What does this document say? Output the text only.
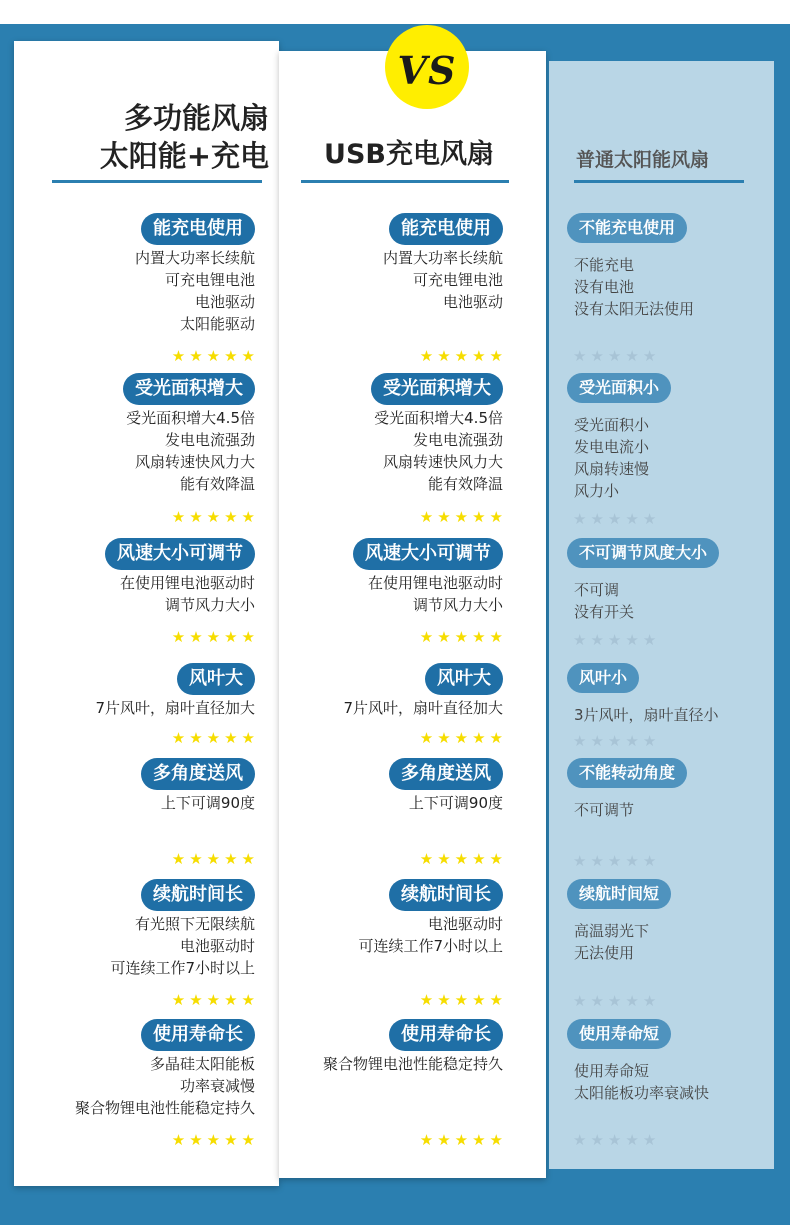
多功能风扇
太阳能+充电
能充电使用
内置大功率长续航
可充电锂电池
电池驱动
太阳能驱动
★★★★★
受光面积增大
受光面积增大4.5倍
发电电流强劲
风扇转速快风力大
能有效降温
★★★★★
风速大小可调节
在使用锂电池驱动时
调节风力大小
★★★★★
风叶大
7片风叶，扇叶直径加大
★★★★★
多角度送风
上下可调90度
★★★★★
续航时间长
有光照下无限续航
电池驱动时
可连续工作7小时以上
★★★★★
使用寿命长
多晶硅太阳能板
功率衰减慢
聚合物锂电池性能稳定持久
★★★★★
USB充电风扇
能充电使用
内置大功率长续航
可充电锂电池
电池驱动
★★★★★
受光面积增大
受光面积增大4.5倍
发电电流强劲
风扇转速快风力大
能有效降温
★★★★★
风速大小可调节
在使用锂电池驱动时
调节风力大小
★★★★★
风叶大
7片风叶，扇叶直径加大
★★★★★
多角度送风
上下可调90度
★★★★★
续航时间长
电池驱动时
可连续工作7小时以上
★★★★★
使用寿命长
聚合物锂电池性能稳定持久
★★★★★
普通太阳能风扇
不能充电使用
不能充电
没有电池
没有太阳无法使用
★★★★★
受光面积小
受光面积小
发电电流小
风扇转速慢
风力小
★★★★★
不可调节风度大小
不可调
没有开关
★★★★★
风叶小
3片风叶，扇叶直径小
★★★★★
不能转动角度
不可调节
★★★★★
续航时间短
高温弱光下
无法使用
★★★★★
使用寿命短
使用寿命短
太阳能板功率衰减快
★★★★★
VS
